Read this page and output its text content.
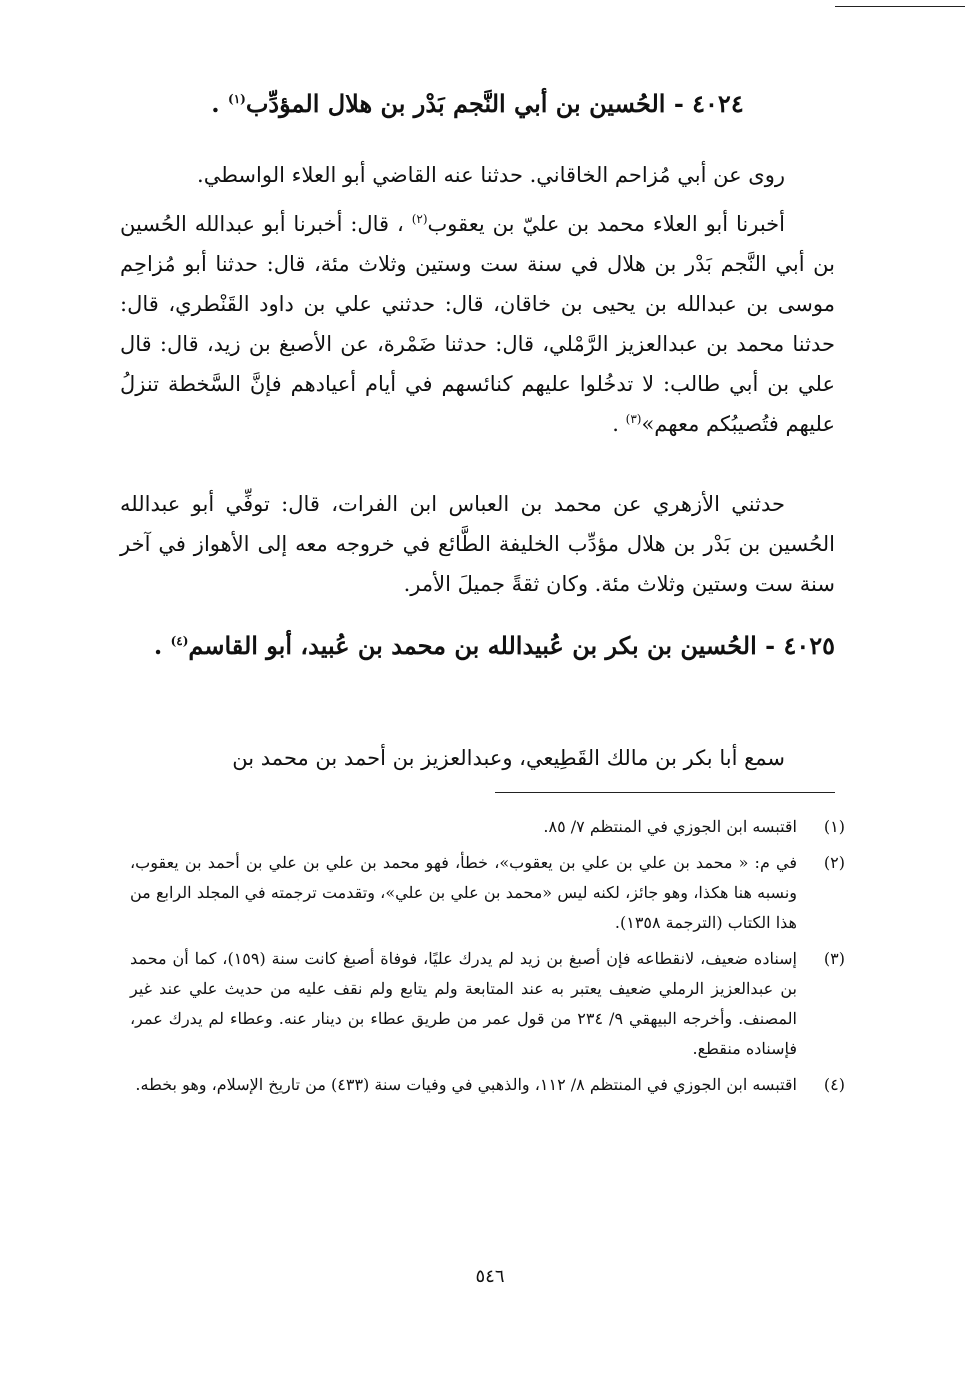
٤٠٢٤ - الحُسين بن أبي النَّجم بَدْر بن هلال المؤدِّب$^{(١)}$ .
روى عن أبي مُزاحم الخاقاني. حدثنا عنه القاضي أبو العلاء الواسطي.
أخبرنا أبو العلاء محمد بن عليّ بن يعقوب$^{(٢)}$ ، قال: أخبرنا أبو عبدالله الحُسين بن أبي النَّجم بَدْر بن هلال في سنة ست وستين وثلاث مئة، قال: حدثنا أبو مُزاحِم موسى بن عبدالله بن يحيى بن خاقان، قال: حدثني علي بن داود القَنْطري، قال: حدثنا محمد بن عبدالعزيز الرَّمْلي، قال: حدثنا ضَمْرة، عن الأصبغ بن زيد، قال: قال علي بن أبي طالب: لا تدخُلوا عليهم كنائسهم في أيام أعيادهم فإنَّ السَّخطة تنزلُ عليهم فتُصيبُكم معهم»$^{(٣)}$ .
حدثني الأزهري عن محمد بن العباس ابن الفرات، قال: توفِّي أبو عبدالله الحُسين بن بَدْر بن هلال مؤدِّب الخليفة الطَّائع في خروجه معه إلى الأهواز في آخر سنة ست وستين وثلاث مئة. وكان ثقةً جميلَ الأمر.
٤٠٢٥ - الحُسين بن بكر بن عُبيدالله بن محمد بن عُبيد، أبو القاسم$^{(٤)}$ .
سمع أبا بكر بن مالك القَطِيعي، وعبدالعزيز بن أحمد بن محمد بن
(١)
اقتبسه ابن الجوزي في المنتظم ٧/ ٨٥.
(٢)
في م: « محمد بن علي بن علي بن يعقوب»، خطأ، فهو محمد بن علي بن علي بن أحمد بن يعقوب، ونسبه هنا هكذا، وهو جائز، لكنه ليس «محمد بن علي بن علي»، وتقدمت ترجمته في المجلد الرابع من هذا الكتاب (الترجمة ١٣٥٨).
(٣)
إسناده ضعيف، لانقطاعه فإن أصبغ بن زيد لم يدرك عليًا، فوفاة أصبغ كانت سنة (١٥٩)، كما أن محمد بن عبدالعزيز الرملي ضعيف يعتبر به عند المتابعة ولم يتابع ولم نقف عليه من حديث علي عند غير المصنف. وأخرجه البيهقي ٩/ ٢٣٤ من قول عمر من طريق عطاء بن دينار عنه. وعطاء لم يدرك عمر، فإسناده منقطع.
(٤)
اقتبسه ابن الجوزي في المنتظم ٨/ ١١٢، والذهبي في وفيات سنة (٤٣٣) من تاريخ الإسلام، وهو بخطه.
٥٤٦
